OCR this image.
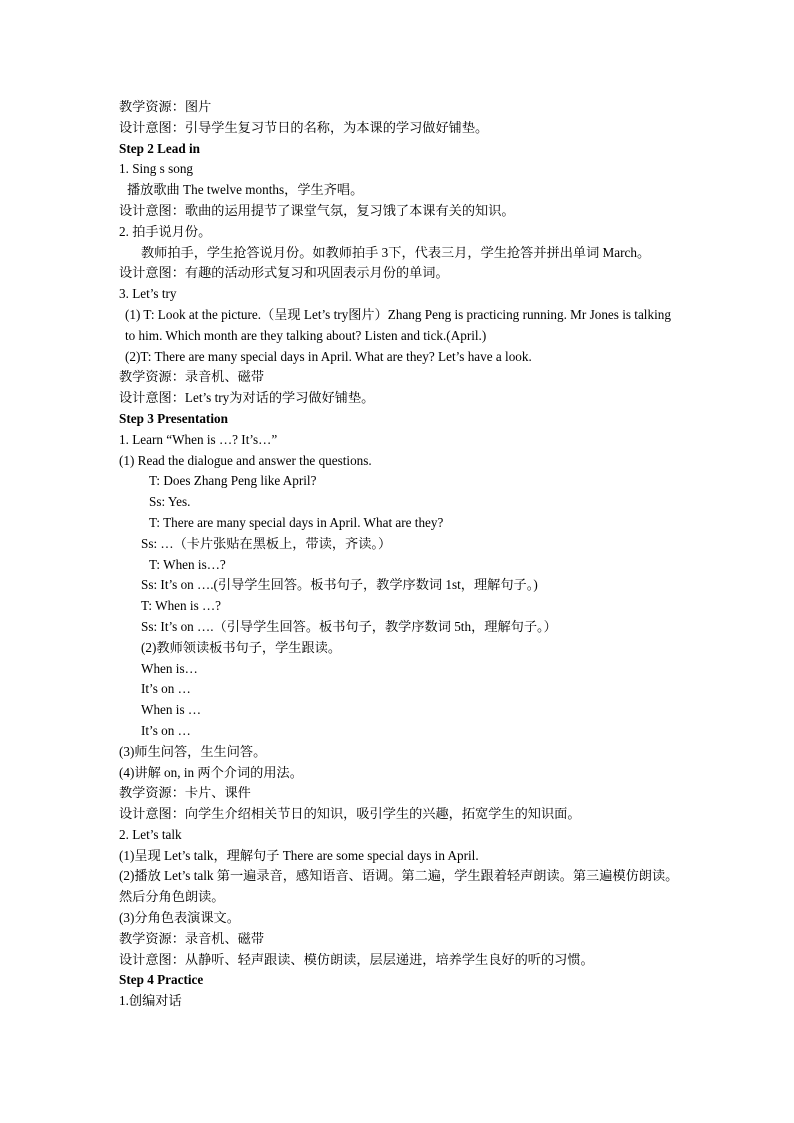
教学资源：图片
设计意图：引导学生复习节日的名称，为本课的学习做好铺垫。
Step 2 Lead in
1. Sing s song
播放歌曲 The twelve months，学生齐唱。
设计意图：歌曲的运用提节了课堂气氛，复习饿了本课有关的知识。
2. 拍手说月份。
教师拍手，学生抢答说月份。如教师拍手 3下，代表三月，学生抢答并拼出单词 March。
设计意图：有趣的活动形式复习和巩固表示月份的单词。
3. Let’s try
(1) T: Look at the picture.（呈现 Let’s try图片）Zhang Peng is practicing running. Mr Jones is talking to him. Which month are they talking about? Listen and tick.(April.)
(2)T: There are many special days in April. What are they? Let’s have a look.
教学资源：录音机、磁带
设计意图：Let’s try为对话的学习做好铺垫。
Step 3 Presentation
1. Learn “When is …? It’s…”
(1) Read the dialogue and answer the questions.
T: Does Zhang Peng like April?
Ss: Yes.
T: There are many special days in April. What are they?
Ss: …（卡片张贴在黑板上，带读，齐读。）
T: When is…?
Ss: It’s on ….(引导学生回答。板书句子，教学序数词 1st，理解句子。)
T: When is …?
Ss: It’s on ….（引导学生回答。板书句子，教学序数词 5th，理解句子。）
(2)教师领读板书句子，学生跟读。
When is…
It’s on …
When is …
It’s on …
(3)师生问答，生生问答。
(4)讲解 on, in 两个介词的用法。
教学资源：卡片、课件
设计意图：向学生介绍相关节日的知识，吸引学生的兴趣，拓宽学生的知识面。
2. Let’s talk
(1)呈现 Let’s talk，理解句子 There are some special days in April.
(2)播放 Let’s talk 第一遍录音，感知语音、语调。第二遍，学生跟着轻声朗读。第三遍模仿朗读。然后分角色朗读。
(3)分角色表演课文。
教学资源：录音机、磁带
设计意图：从静听、轻声跟读、模仿朗读，层层递进，培养学生良好的听的习惯。
Step 4 Practice
1.创编对话
